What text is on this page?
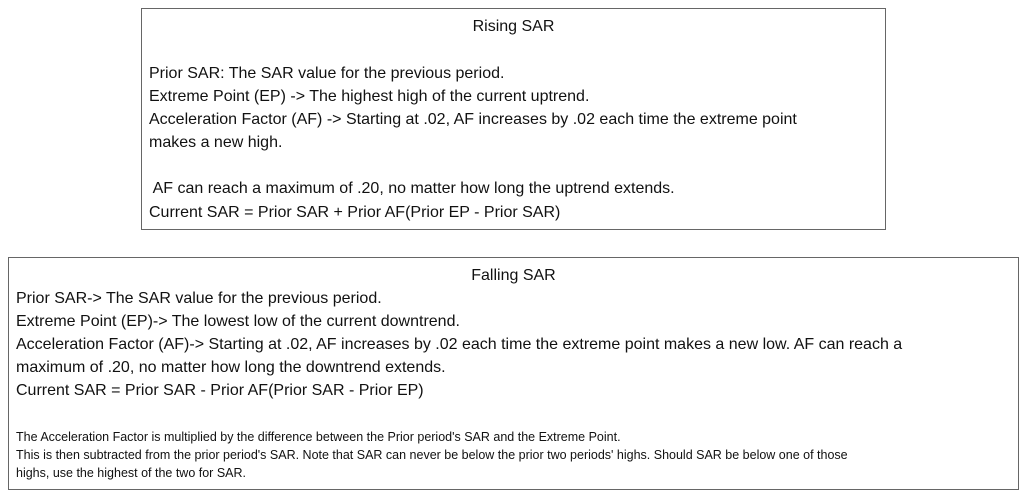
Rising SAR
Prior SAR: The SAR value for the previous period.
Extreme Point (EP) -> The highest high of the current uptrend.
Acceleration Factor (AF) -> Starting at .02, AF increases by .02 each time the extreme point
makes a new high.
AF can reach a maximum of .20, no matter how long the uptrend extends.
Current SAR = Prior SAR + Prior AF(Prior EP - Prior SAR)
Falling SAR
Prior SAR-> The SAR value for the previous period.
Extreme Point (EP)-> The lowest low of the current downtrend.
Acceleration Factor (AF)-> Starting at .02, AF increases by .02 each time the extreme point makes a new low. AF can reach a
maximum of .20, no matter how long the downtrend extends.
Current SAR = Prior SAR - Prior AF(Prior SAR - Prior EP)
The Acceleration Factor is multiplied by the difference between the Prior period's SAR and the Extreme Point.
This is then subtracted from the prior period's SAR. Note that SAR can never be below the prior two periods' highs. Should SAR be below one of those
highs, use the highest of the two for SAR.
